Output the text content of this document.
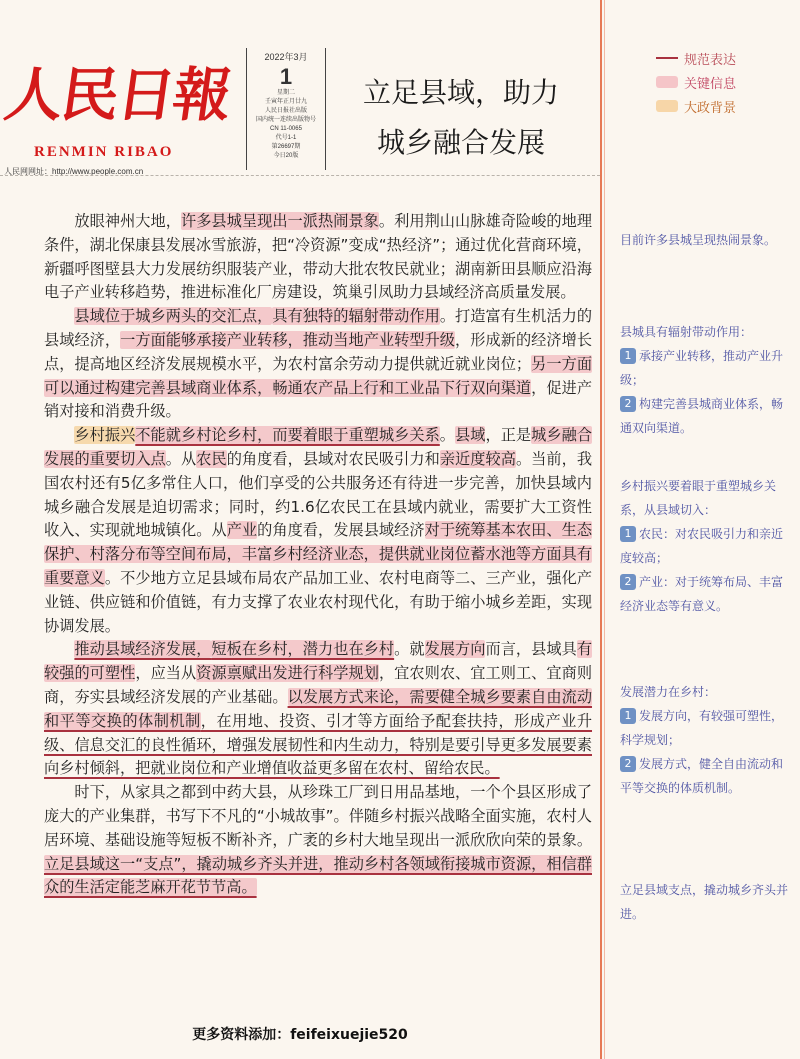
人民日報
RENMIN RIBAO
人民网网址：http://www.people.com.cn
2022年3月
1
星期二
壬寅年正月廿九
人民日报社出版
国内统一连续出版物号
CN 11-0065
代号1-1
第26697期
今日20版
立足县域，助力
城乡融合发展
规范表达
关键信息
大政背景

放眼神州大地，许多县城呈现出一派热闹景象。利用荆山山脉雄奇险峻的地理条件，湖北保康县发展冰雪旅游，把“冷资源”变成“热经济”；通过优化营商环境，新疆呼图壁县大力发展纺织服装产业，带动大批农牧民就业；湖南新田县顺应沿海电子产业转移趋势，推进标准化厂房建设，筑巢引凤助力县域经济高质量发展。

县域位于城乡两头的交汇点，具有独特的辐射带动作用。打造富有生机活力的县域经济，一方面能够承接产业转移，推动当地产业转型升级，形成新的经济增长点，提高地区经济发展规模水平，为农村富余劳动力提供就近就业岗位；另一方面可以通过构建完善县域商业体系，畅通农产品上行和工业品下行双向渠道，促进产销对接和消费升级。

乡村振兴不能就乡村论乡村，而要着眼于重塑城乡关系。县域，正是城乡融合发展的重要切入点。从农民的角度看，县域对农民吸引力和亲近度较高。当前，我国农村还有5亿多常住人口，他们享受的公共服务还有待进一步完善，加快县域内城乡融合发展是迫切需求；同时，约1.6亿农民工在县域内就业，需要扩大工资性收入、实现就地城镇化。从产业的角度看，发展县域经济对于统筹基本农田、生态保护、村落分布等空间布局，丰富乡村经济业态，提供就业岗位蓄水池等方面具有重要意义。不少地方立足县域布局农产品加工业、农村电商等二、三产业，强化产业链、供应链和价值链，有力支撑了农业农村现代化，有助于缩小城乡差距，实现协调发展。

推动县域经济发展，短板在乡村，潜力也在乡村。就发展方向而言，县域具有较强的可塑性，应当从资源禀赋出发进行科学规划，宜农则农、宜工则工、宜商则商，夯实县域经济发展的产业基础。以发展方式来论，需要健全城乡要素自由流动和平等交换的体制机制，在用地、投资、引才等方面给予配套扶持，形成产业升级、信息交汇的良性循环，增强发展韧性和内生动力，特别是要引导更多发展要素向乡村倾斜，把就业岗位和产业增值收益更多留在农村、留给农民。

时下，从家具之都到中药大县，从珍珠工厂到日用品基地，一个个县区形成了庞大的产业集群，书写下不凡的“小城故事”。伴随乡村振兴战略全面实施，农村人居环境、基础设施等短板不断补齐，广袤的乡村大地呈现出一派欣欣向荣的景象。立足县域这一“支点”，撬动城乡齐头并进，推动乡村各领域衔接城市资源，相信群众的生活定能芝麻开花节节高。

目前许多县城呈现热闹景象。
县城具有辐射带动作用：
1 承接产业转移，推动产业升级；
2 构建完善县城商业体系，畅通双向渠道。
乡村振兴要着眼于重塑城乡关系，从县域切入：
1 农民：对农民吸引力和亲近度较高；
2 产业：对于统筹布局、丰富经济业态等有意义。
发展潜力在乡村：
1 发展方向，有较强可塑性，科学规划；
2 发展方式，健全自由流动和平等交换的体质机制。
立足县域支点，撬动城乡齐头并进。
更多资料添加：feifeixuejie520
